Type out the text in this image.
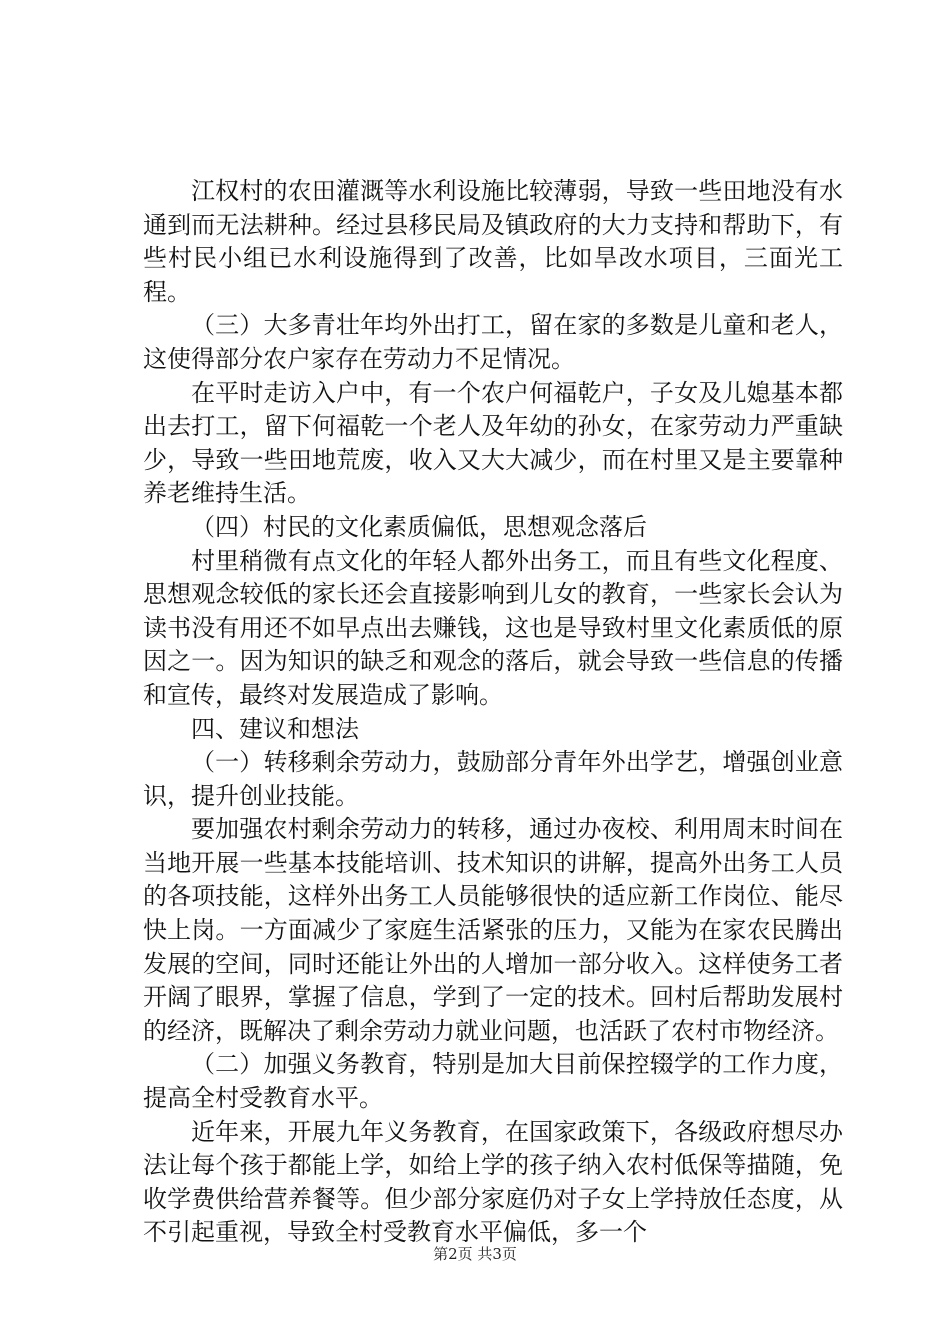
江权村的农田灌溉等水利设施比较薄弱，导致一些田地没有水通到而无法耕种。经过县移民局及镇政府的大力支持和帮助下，有些村民小组已水利设施得到了改善，比如旱改水项目，三面光工程。

（三）大多青壮年均外出打工，留在家的多数是儿童和老人，这使得部分农户家存在劳动力不足情况。

在平时走访入户中，有一个农户何福乾户，子女及儿媳基本都出去打工，留下何福乾一个老人及年幼的孙女，在家劳动力严重缺少，导致一些田地荒废，收入又大大减少，而在村里又是主要靠种养老维持生活。

（四）村民的文化素质偏低，思想观念落后

村里稍微有点文化的年轻人都外出务工，而且有些文化程度、思想观念较低的家长还会直接影响到儿女的教育，一些家长会认为读书没有用还不如早点出去赚钱，这也是导致村里文化素质低的原因之一。因为知识的缺乏和观念的落后，就会导致一些信息的传播和宣传，最终对发展造成了影响。

四、建议和想法

（一）转移剩余劳动力，鼓励部分青年外出学艺，增强创业意识，提升创业技能。

要加强农村剩余劳动力的转移，通过办夜校、利用周末时间在当地开展一些基本技能培训、技术知识的讲解，提高外出务工人员的各项技能，这样外出务工人员能够很快的适应新工作岗位、能尽快上岗。一方面减少了家庭生活紧张的压力，又能为在家农民腾出发展的空间，同时还能让外出的人增加一部分收入。这样使务工者开阔了眼界，掌握了信息，学到了一定的技术。回村后帮助发展村的经济，既解决了剩余劳动力就业问题，也活跃了农村市物经济。

（二）加强义务教育，特别是加大目前保控辍学的工作力度，提高全村受教育水平。

近年来，开展九年义务教育，在国家政策下，各级政府想尽办法让每个孩于都能上学，如给上学的孩子纳入农村低保等描随，免收学费供给营养餐等。但少部分家庭仍对子女上学持放任态度，从不引起重视，导致全村受教育水平偏低，多一个

第2页 共3页
